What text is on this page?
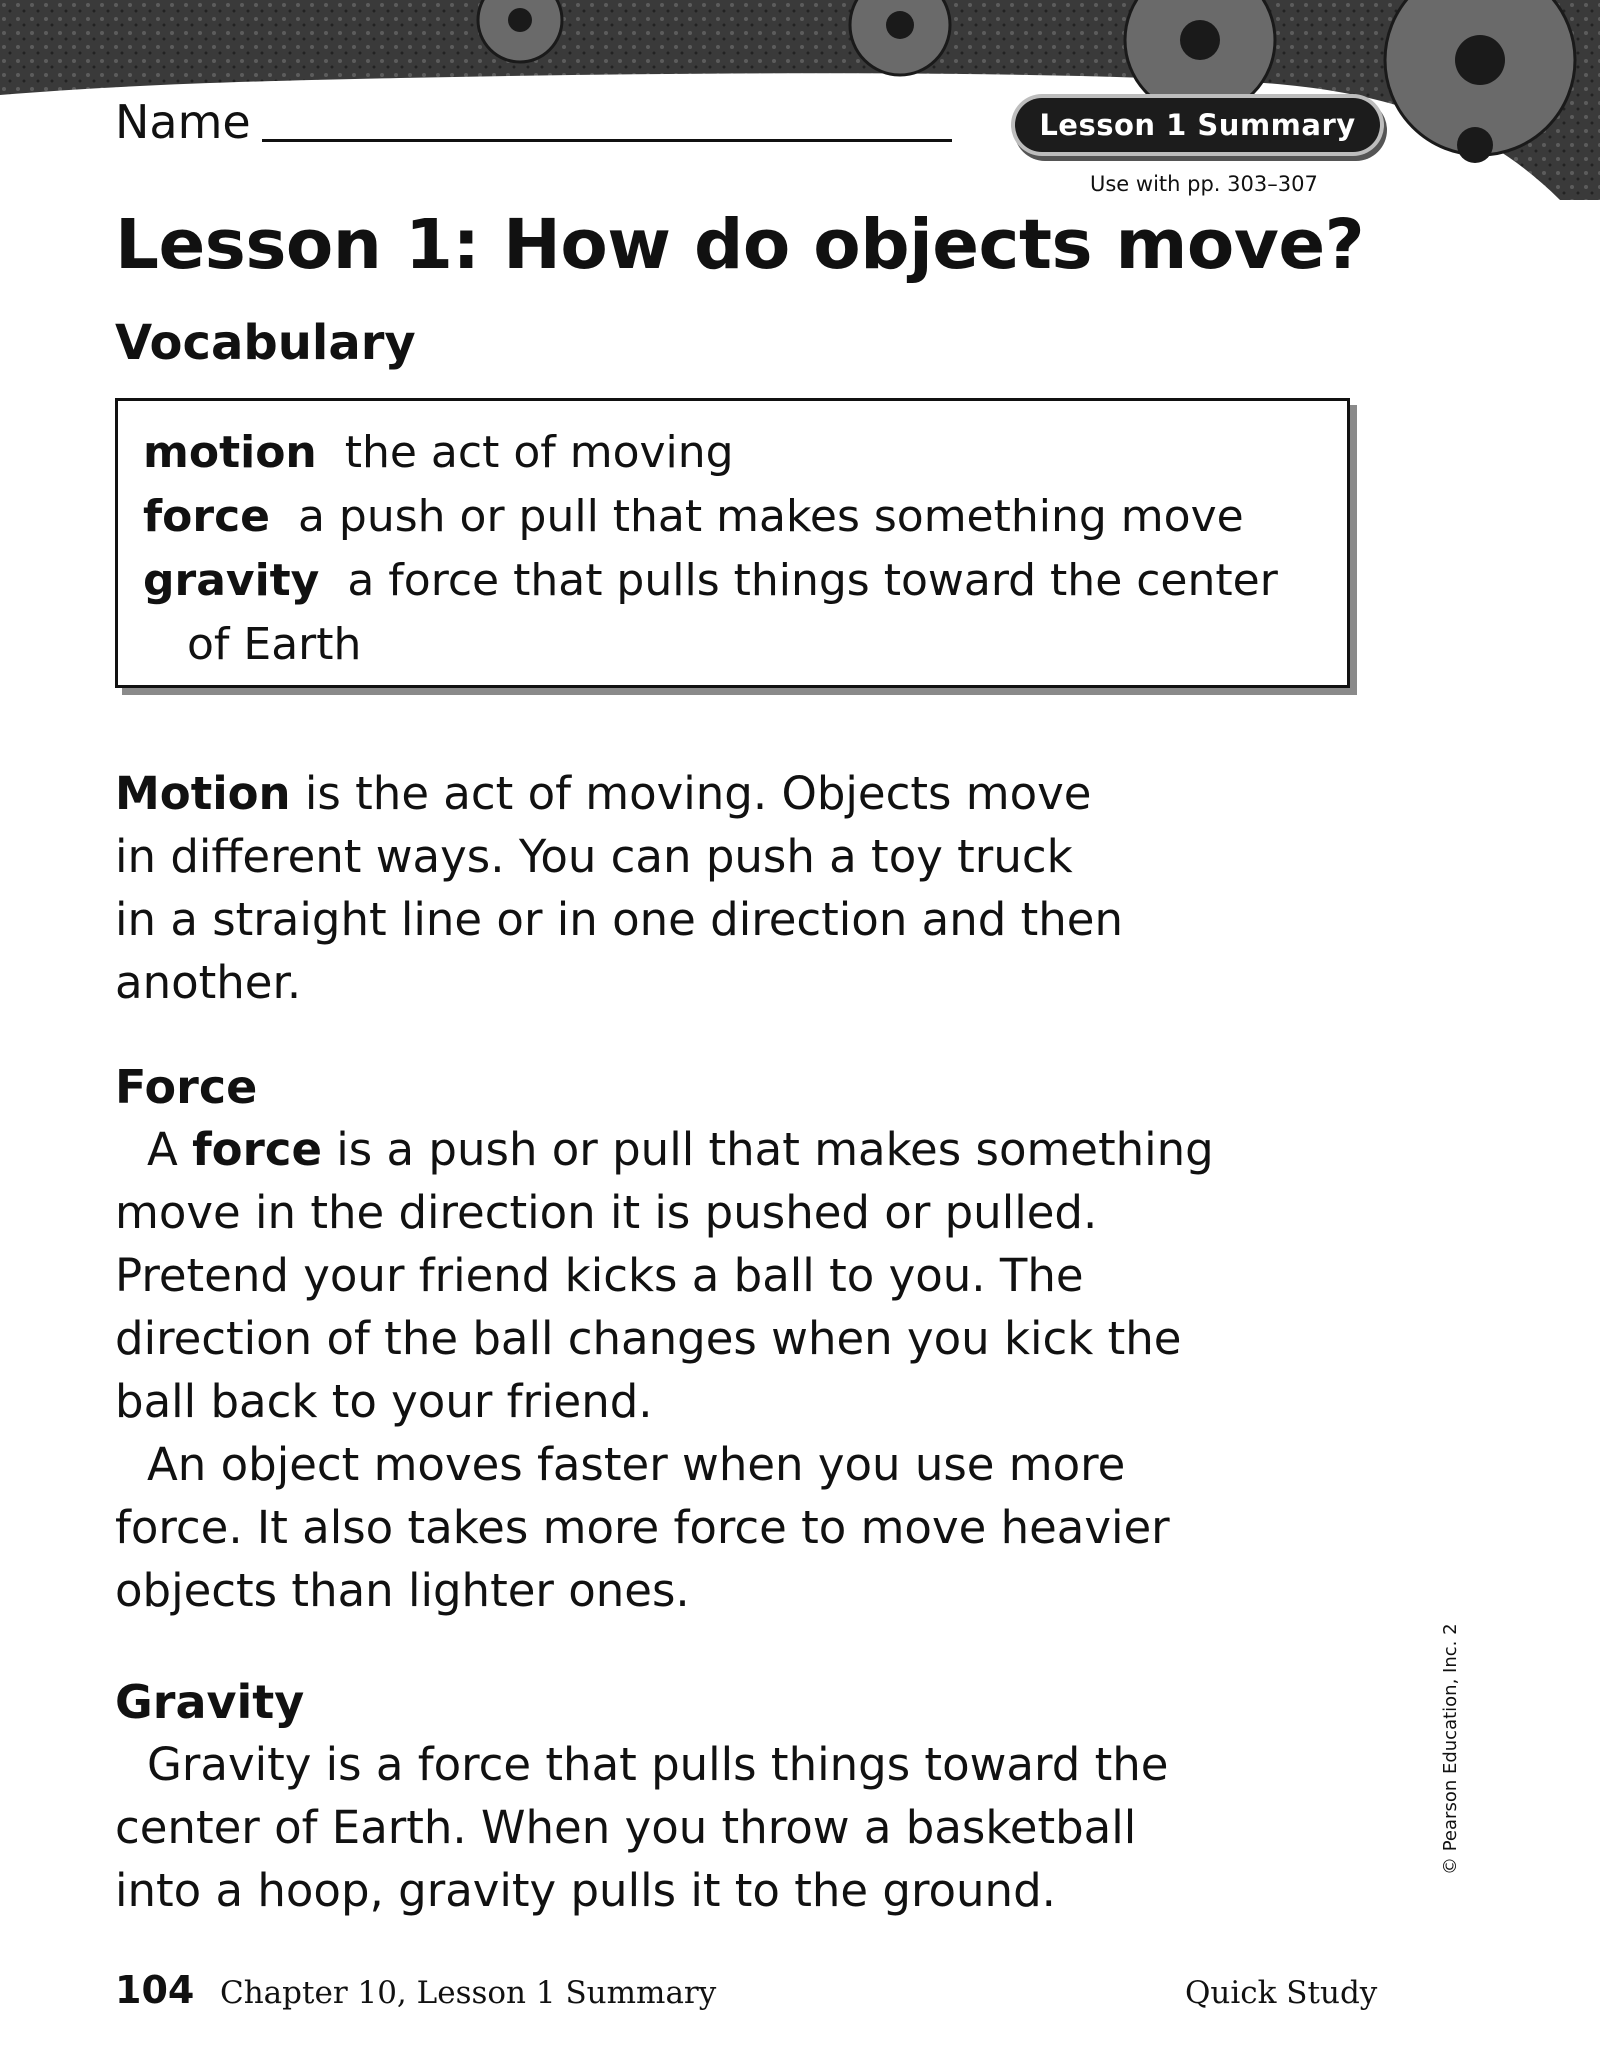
Name	Lesson 1 Summary
Use with pp. 303–307
Lesson 1: How do objects move?
Vocabulary
motion the act of moving
force a push or pull that makes something move
gravity a force that pulls things toward the center
of Earth
Motion is the act of moving. Objects move
in different ways. You can push a toy truck
in a straight line or in one direction and then
another.
Force
A force is a push or pull that makes something
move in the direction it is pushed or pulled.
Pretend your friend kicks a ball to you. The
direction of the ball changes when you kick the
ball back to your friend.
An object moves faster when you use more
force. It also takes more force to move heavier
objects than lighter ones.
Gravity
Gravity is a force that pulls things toward the
center of Earth. When you throw a basketball
into a hoop, gravity pulls it to the ground.
© Pearson Education, Inc. 2
104 Chapter 10, Lesson 1 Summary	Quick Study
